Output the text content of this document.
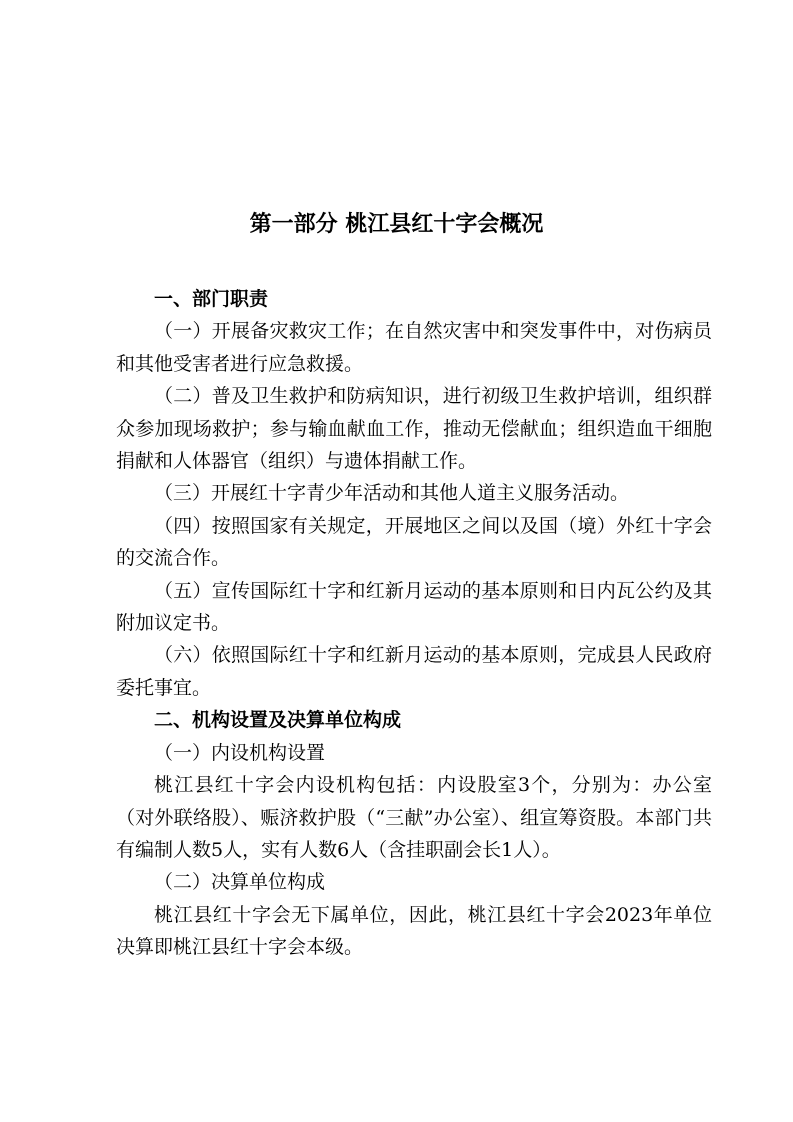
第一部分 桃江县红十字会概况

一、部门职责

（一）开展备灾救灾工作；在自然灾害中和突发事件中，对伤病员和其他受害者进行应急救援。

（二）普及卫生救护和防病知识，进行初级卫生救护培训，组织群众参加现场救护；参与输血献血工作，推动无偿献血；组织造血干细胞捐献和人体器官（组织）与遗体捐献工作。

（三）开展红十字青少年活动和其他人道主义服务活动。

（四）按照国家有关规定，开展地区之间以及国（境）外红十字会的交流合作。

（五）宣传国际红十字和红新月运动的基本原则和日内瓦公约及其附加议定书。

（六）依照国际红十字和红新月运动的基本原则，完成县人民政府委托事宜。

二、机构设置及决算单位构成

（一）内设机构设置

桃江县红十字会内设机构包括：内设股室3个，分别为：办公室（对外联络股）、赈济救护股（“三献”办公室）、组宣筹资股。本部门共有编制人数5人，实有人数6人（含挂职副会长1人）。

（二）决算单位构成

桃江县红十字会无下属单位，因此，桃江县红十字会2023年单位决算即桃江县红十字会本级。
